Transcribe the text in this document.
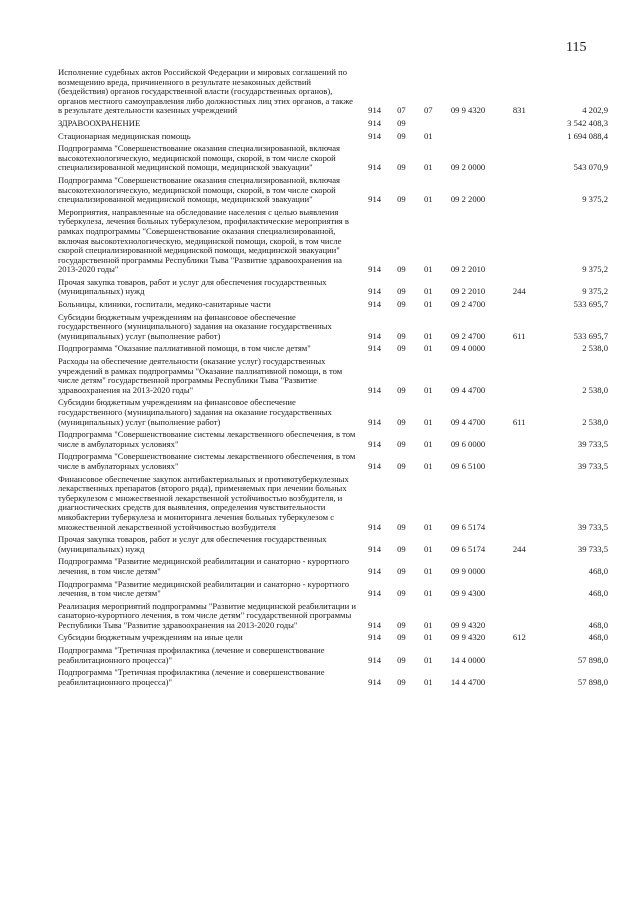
115
Исполнение судебных актов Российской Федерации и мировых соглашений по возмещению вреда, причиненного в результате незаконных действий (бездействия) органов государственной власти (государственных органов), органов местного самоуправления либо должностных лиц этих органов, а также в результате деятельности казенных учреждений	914	07	07	09 9 4320	831	4 202,9
ЗДРАВООХРАНЕНИЕ	914	09				3 542 408,3
Стационарная медицинская помощь	914	09	01			1 694 088,4
Подпрограмма "Совершенствование оказания специализированной, включая высокотехнологическую, медицинской помощи, скорой, в том числе скорой специализированной медицинской помощи, медицинской эвакуации"	914	09	01	09 2 0000		543 070,9
Подпрограмма "Совершенствование оказания специализированной, включая высокотехнологическую, медицинской помощи, скорой, в том числе скорой специализированной медицинской помощи, медицинской эвакуации"	914	09	01	09 2 2000		9 375,2
Мероприятия, направленные на обследование населения с целью выявления туберкулеза, лечения больных туберкулезом, профилактические мероприятия в рамках подпрограммы "Совершенствование оказания специализированной, включая высокотехнологическую, медицинской помощи, скорой, в том числе скорой специализированной медицинской помощи, медицинской эвакуации" государственной программы Республики Тыва "Развитие здравоохранения на 2013-2020 годы"	914	09	01	09 2 2010		9 375,2
Прочая закупка товаров, работ и услуг для обеспечения государственных (муниципальных) нужд	914	09	01	09 2 2010	244	9 375,2
Больницы, клиники, госпитали, медико-санитарные части	914	09	01	09 2 4700		533 695,7
Субсидии бюджетным учреждениям на финансовое обеспечение государственного (муниципального) задания на оказание государственных (муниципальных) услуг (выполнение работ)	914	09	01	09 2 4700	611	533 695,7
Подпрограмма "Оказание паллиативной помощи, в том числе детям"	914	09	01	09 4 0000		2 538,0
Расходы на обеспечение деятельности (оказание услуг) государственных учреждений в рамках подпрограммы "Оказание паллиативной помощи, в том числе детям" государственной программы Республики Тыва "Развитие здравоохранения на 2013-2020 годы"	914	09	01	09 4 4700		2 538,0
Субсидии бюджетным учреждениям на финансовое обеспечение государственного (муниципального) задания на оказание государственных (муниципальных) услуг (выполнение работ)	914	09	01	09 4 4700	611	2 538,0
Подпрограмма "Совершенствование системы лекарственного обеспечения, в том числе в амбулаторных условиях"	914	09	01	09 6 0000		39 733,5
Подпрограмма "Совершенствование системы лекарственного обеспечения, в том числе в амбулаторных условиях"	914	09	01	09 6 5100		39 733,5
Финансовое обеспечение закупок антибактериальных и противотуберкулезных лекарственных препаратов (второго ряда), применяемых при лечении больных туберкулезом с множественной лекарственной устойчивостью возбудителя, и диагностических средств для выявления, определения чувствительности микобактерии туберкулеза и мониторинга лечения больных туберкулезом с множественной лекарственной устойчивостью возбудителя	914	09	01	09 6 5174		39 733,5
Прочая закупка товаров, работ и услуг для обеспечения государственных (муниципальных) нужд	914	09	01	09 6 5174	244	39 733,5
Подпрограмма "Развитие медицинской реабилитации и санаторно - курортного лечения, в том числе детям"	914	09	01	09 9 0000		468,0
Подпрограмма "Развитие медицинской реабилитации и санаторно - курортного лечения, в том числе детям"	914	09	01	09 9 4300		468,0
Реализация мероприятий подпрограммы "Развитие медицинской реабилитации и санаторно-курортного лечения, в том числе детям" государственной программы Республики Тыва "Развитие здравоохранения на 2013-2020 годы"	914	09	01	09 9 4320		468,0
Субсидии бюджетным учреждениям на иные цели	914	09	01	09 9 4320	612	468,0
Подпрограмма "Третичная профилактика (лечение и совершенствование реабилитационного процесса)"	914	09	01	14 4 0000		57 898,0
Подпрограмма "Третичная профилактика (лечение и совершенствование реабилитационного процесса)"	914	09	01	14 4 4700		57 898,0
